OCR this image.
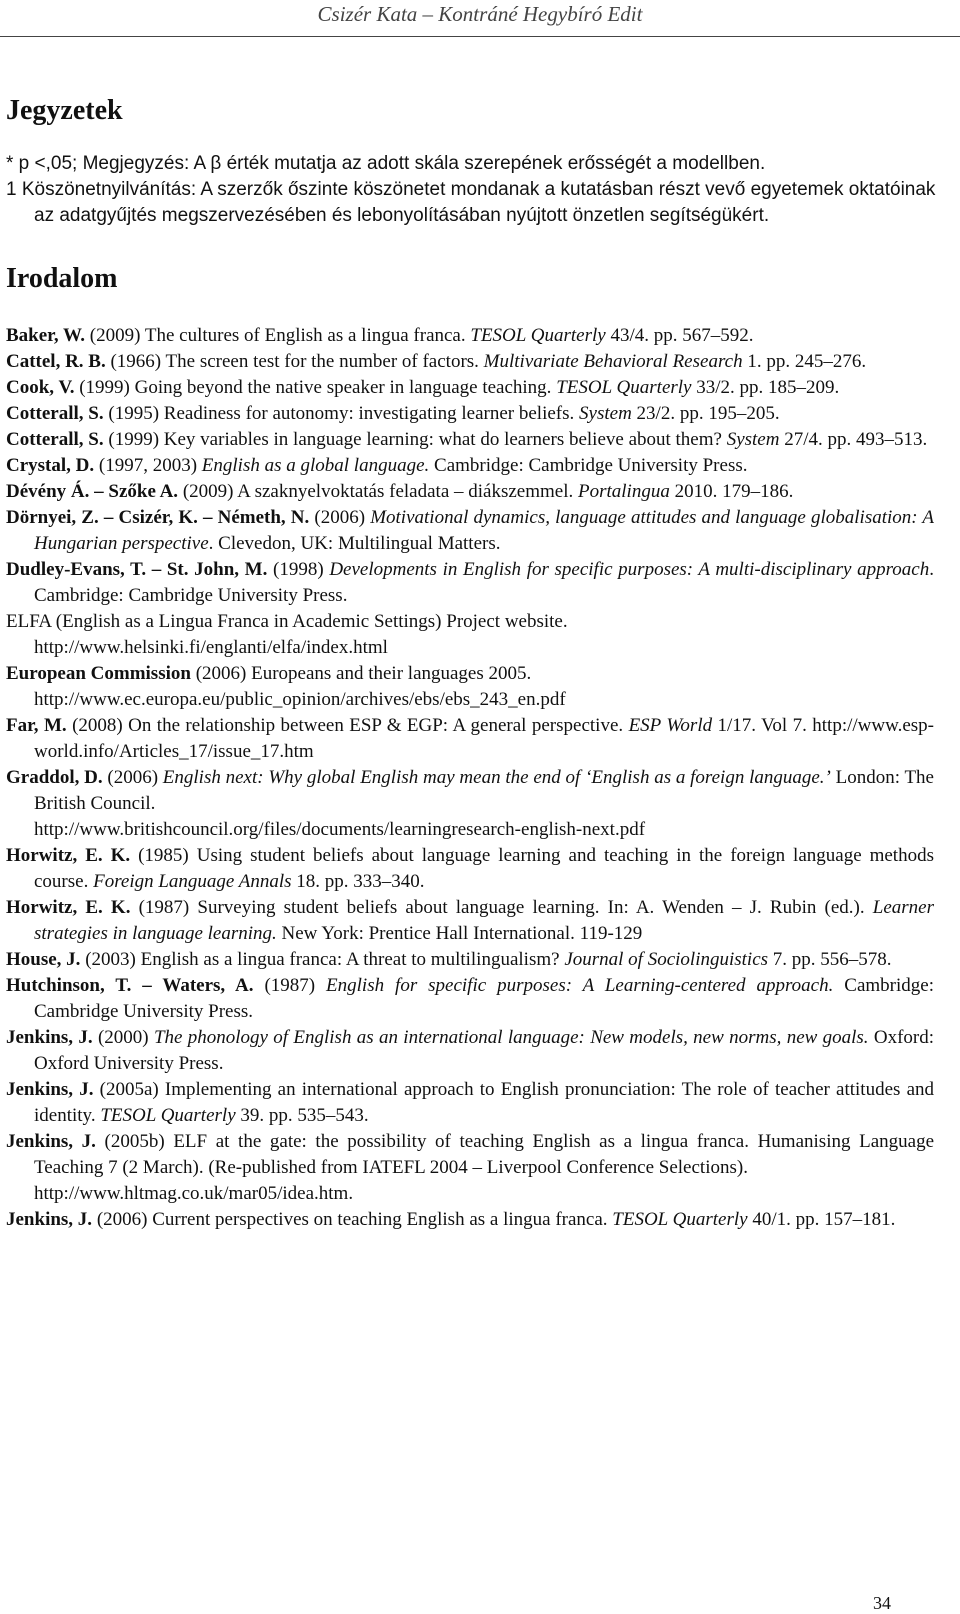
Csizér Kata – Kontráné Hegybíró Edit
Jegyzetek

* p <,05; Megjegyzés: A β érték mutatja az adott skála szerepének erősségét a modellben.

1 Köszönetnyilvánítás: A szerzők őszinte köszönetet mondanak a kutatásban részt vevő egyetemek oktatóinak az adatgyűjtés megszervezésében és lebonyolításában nyújtott önzetlen segítségükért.

Irodalom

Baker, W. (2009) The cultures of English as a lingua franca. TESOL Quarterly 43/4. pp. 567–592.

Cattel, R. B. (1966) The screen test for the number of factors. Multivariate Behavioral Research 1. pp. 245–276.

Cook, V. (1999) Going beyond the native speaker in language teaching. TESOL Quarterly 33/2. pp. 185–209.

Cotterall, S. (1995) Readiness for autonomy: investigating learner beliefs. System 23/2. pp. 195–205.

Cotterall, S. (1999) Key variables in language learning: what do learners believe about them? System 27/4. pp. 493–513.

Crystal, D. (1997, 2003) English as a global language. Cambridge: Cambridge University Press.

Dévény Á. – Szőke A. (2009) A szaknyelvoktatás feladata – diákszemmel. Portalingua 2010. 179–186.

Dörnyei, Z. – Csizér, K. – Németh, N. (2006) Motivational dynamics, language attitudes and language globalisation: A Hungarian perspective. Clevedon, UK: Multilingual Matters.

Dudley-Evans, T. – St. John, M. (1998) Developments in English for specific purposes: A multi-disciplinary approach. Cambridge: Cambridge University Press.

ELFA (English as a Lingua Franca in Academic Settings) Project website.
http://www.helsinki.fi/englanti/elfa/index.html

European Commission (2006) Europeans and their languages 2005.
http://www.ec.europa.eu/public_opinion/archives/ebs/ebs_243_en.pdf

Far, M. (2008) On the relationship between ESP & EGP: A general perspective. ESP World 1/17. Vol 7. http://www.esp-world.info/Articles_17/issue_17.htm

Graddol, D. (2006) English next: Why global English may mean the end of ‘English as a foreign language.’ London: The British Council.
http://www.britishcouncil.org/files/documents/learningresearch-english-next.pdf

Horwitz, E. K. (1985) Using student beliefs about language learning and teaching in the foreign language methods course. Foreign Language Annals 18. pp. 333–340.

Horwitz, E. K. (1987) Surveying student beliefs about language learning. In: A. Wenden – J. Rubin (ed.). Learner strategies in language learning. New York: Prentice Hall International. 119-129

House, J. (2003) English as a lingua franca: A threat to multilingualism? Journal of Sociolinguistics 7. pp. 556–578.

Hutchinson, T. – Waters, A. (1987) English for specific purposes: A Learning-centered approach. Cambridge: Cambridge University Press.

Jenkins, J. (2000) The phonology of English as an international language: New models, new norms, new goals. Oxford: Oxford University Press.

Jenkins, J. (2005a) Implementing an international approach to English pronunciation: The role of teacher attitudes and identity. TESOL Quarterly 39. pp. 535–543.

Jenkins, J. (2005b) ELF at the gate: the possibility of teaching English as a lingua franca. Humanising Language Teaching 7 (2 March). (Re-published from IATEFL 2004 – Liverpool Conference Selections).
http://www.hltmag.co.uk/mar05/idea.htm.

Jenkins, J. (2006) Current perspectives on teaching English as a lingua franca. TESOL Quarterly 40/1. pp. 157–181.

34
